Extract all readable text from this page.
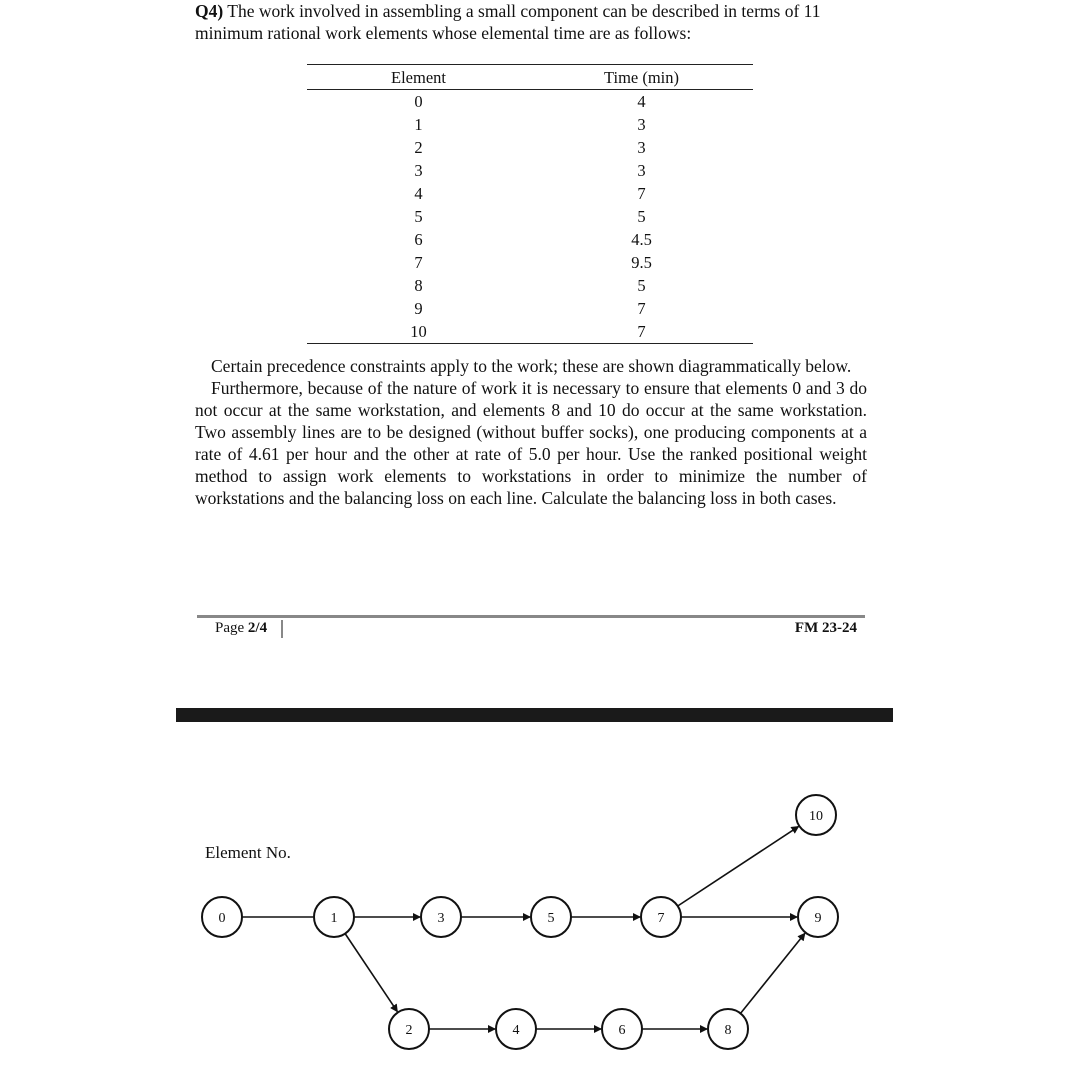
Q4) The work involved in assembling a small component can be described in terms of 11 minimum rational work elements whose elemental time are as follows:
Element	Time (min)
0	4
1	3
2	3
3	3
4	7
5	5
6	4.5
7	9.5
8	5
9	7
10	7

Certain precedence constraints apply to the work; these are shown diagrammatically below.

Furthermore, because of the nature of work it is necessary to ensure that elements 0 and 3 do not occur at the same workstation, and elements 8 and 10 do occur at the same workstation. Two assembly lines are to be designed (without buffer socks), one producing components at a rate of 4.61 per hour and the other at rate of 5.0 per hour. Use the ranked positional weight method to assign work elements to workstations in order to minimize the number of workstations and the balancing loss on each line. Calculate the balancing loss in both cases.

Page 2/4	FM 23-24
Element No.
0	1
2
3
4
5
6
7
8
9
10
